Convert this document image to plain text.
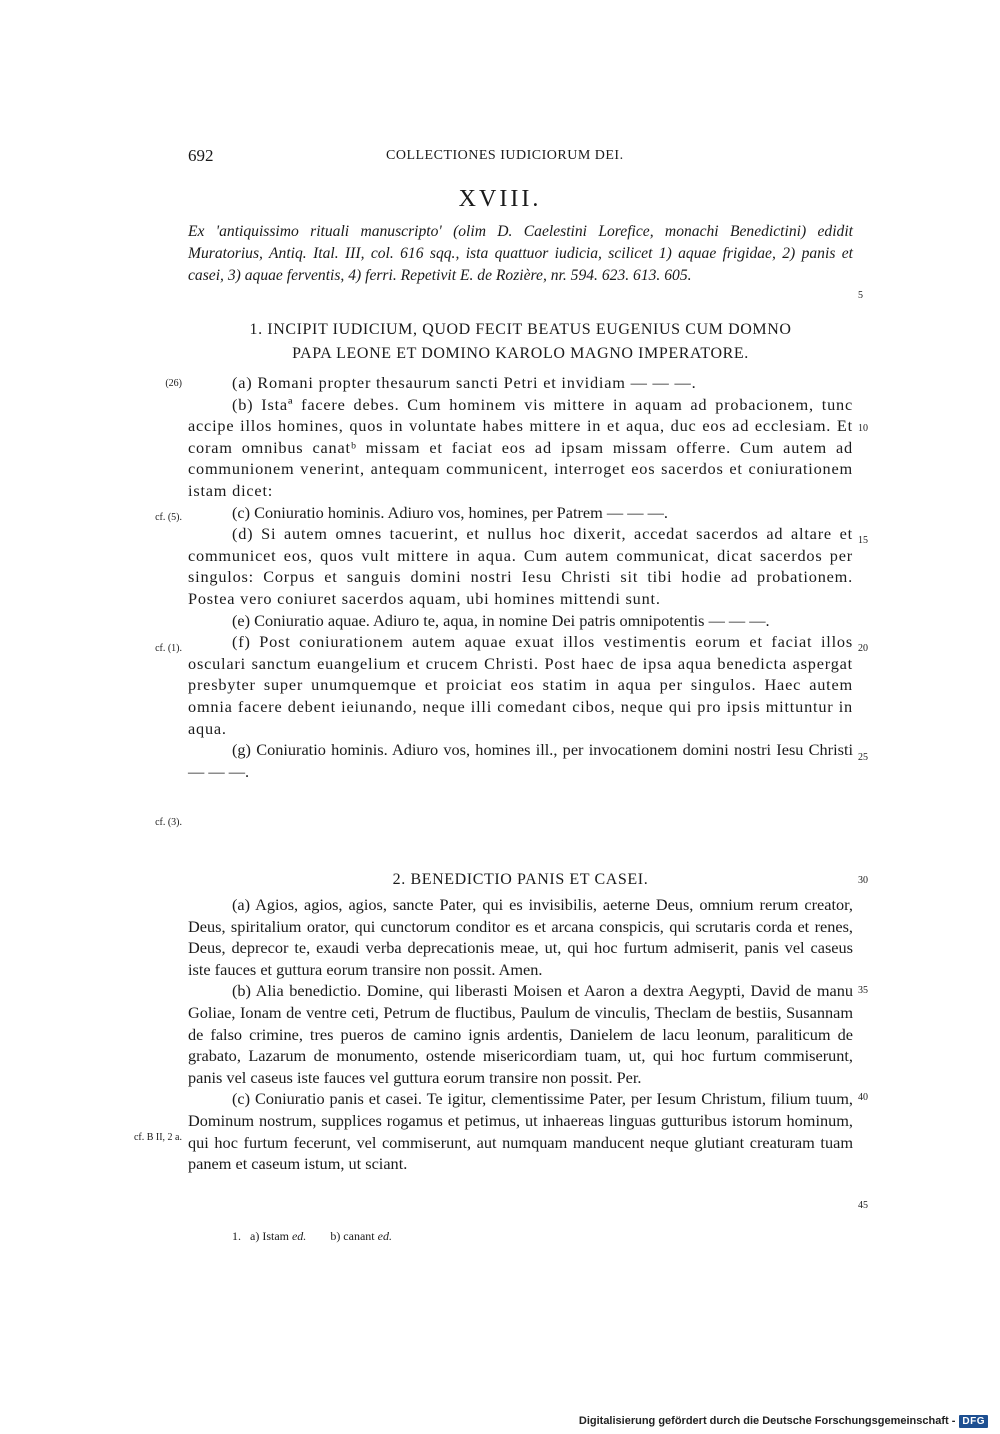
692	COLLECTIONES IUDICIORUM DEI.
XVIII.
Ex 'antiquissimo rituali manuscripto' (olim D. Caelestini Lorefice, monachi Benedictini) edidit Muratorius, Antiq. Ital. III, col. 616 sqq., ista quattuor iudicia, scilicet 1) aquae frigidae, 2) panis et casei, 3) aquae ferventis, 4) ferri. Repetivit E. de Rozière, nr. 594. 623. 613. 605.
1. INCIPIT IUDICIUM, QUOD FECIT BEATUS EUGENIUS CUM DOMNO
PAPA LEONE ET DOMINO KAROLO MAGNO IMPERATORE.

(a) Romani propter thesaurum sancti Petri et invidiam — — —.

(b) Istaª facere debes. Cum hominem vis mittere in aquam ad probacionem, tunc accipe illos homines, quos in voluntate habes mittere in et aqua, duc eos ad ecclesiam. Et coram omnibus canatᵇ missam et faciat eos ad ipsam missam offerre. Cum autem ad communionem venerint, antequam communicent, interroget eos sacerdos et coniurationem istam dicet:

(c) Coniuratio hominis. Adiuro vos, homines, per Patrem — — —.

(d) Si autem omnes tacuerint, et nullus hoc dixerit, accedat sacerdos ad altare et communicet eos, quos vult mittere in aqua. Cum autem communicat, dicat sacerdos per singulos: Corpus et sanguis domini nostri Iesu Christi sit tibi hodie ad probationem. Postea vero coniuret sacerdos aquam, ubi homines mittendi sunt.

(e) Coniuratio aquae. Adiuro te, aqua, in nomine Dei patris omnipotentis — — —.

(f) Post coniurationem autem aquae exuat illos vestimentis eorum et faciat illos osculari sanctum euangelium et crucem Christi. Post haec de ipsa aqua benedicta aspergat presbyter super unumquemque et proiciat eos statim in aqua per singulos. Haec autem omnia facere debent ieiunando, neque illi comedant cibos, neque qui pro ipsis mittuntur in aqua.

(g) Coniuratio hominis. Adiuro vos, homines ill., per invocationem domini nostri Iesu Christi — — —.

2. BENEDICTIO PANIS ET CASEI.

(a) Agios, agios, agios, sancte Pater, qui es invisibilis, aeterne Deus, omnium rerum creator, Deus, spiritalium orator, qui cunctorum conditor es et arcana conspicis, qui scrutaris corda et renes, Deus, deprecor te, exaudi verba deprecationis meae, ut, qui hoc furtum admiserit, panis vel caseus iste fauces et guttura eorum transire non possit. Amen.

(b) Alia benedictio. Domine, qui liberasti Moisen et Aaron a dextra Aegypti, David de manu Goliae, Ionam de ventre ceti, Petrum de fluctibus, Paulum de vinculis, Theclam de bestiis, Susannam de falso crimine, tres pueros de camino ignis ardentis, Danielem de lacu leonum, paraliticum de grabato, Lazarum de monumento, ostende misericordiam tuam, ut, qui hoc furtum commiserunt, panis vel caseus iste fauces vel guttura eorum transire non possit. Per.

(c) Coniuratio panis et casei. Te igitur, clementissime Pater, per Iesum Christum, filium tuum, Dominum nostrum, supplices rogamus et petimus, ut inhaereas linguas gutturibus istorum hominum, qui hoc furtum fecerunt, vel commiserunt, aut numquam manducent neque glutiant creaturam tuam panem et caseum istum, ut sciant.

(26)
cf. (5).
cf. (1).
cf. (3).
cf. B II, 2 a.
5
10
15
20
25
30
35
40
45
1. a) Istam ed. b) canant ed.
Digitalisierung gefördert durch die Deutsche Forschungsgemeinschaft - DFG
